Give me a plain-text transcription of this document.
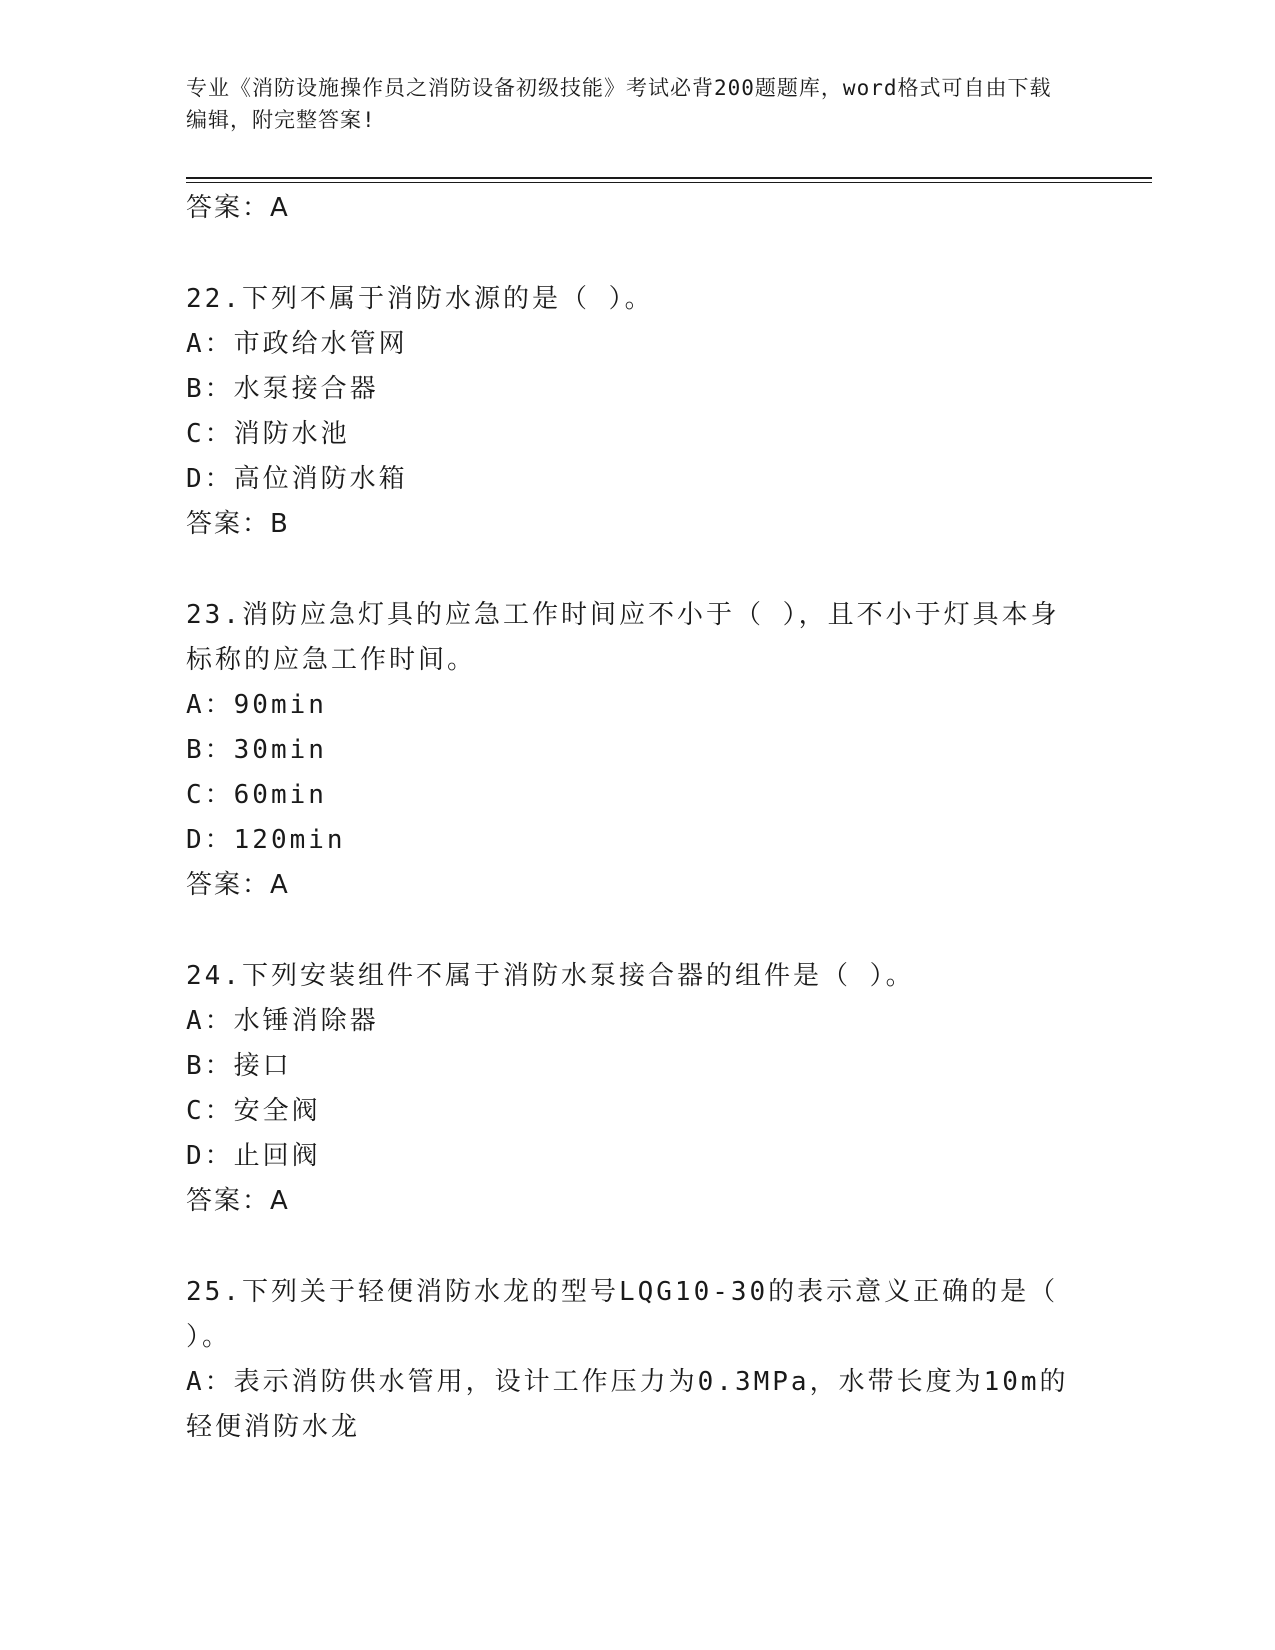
专业《消防设施操作员之消防设备初级技能》考试必背200题题库，word格式可自由下载编辑，附完整答案!

答案：A

22.下列不属于消防水源的是（ ）。

A：市政给水管网

B：水泵接合器

C：消防水池

D：高位消防水箱

答案：B

23.消防应急灯具的应急工作时间应不小于（ ），且不小于灯具本身标称的应急工作时间。

A：90min

B：30min

C：60min

D：120min

答案：A

24.下列安装组件不属于消防水泵接合器的组件是（ ）。

A：水锤消除器

B：接口

C：安全阀

D：止回阀

答案：A

25.下列关于轻便消防水龙的型号LQG10-30的表示意义正确的是（ ）。

A：表示消防供水管用，设计工作压力为0.3MPa，水带长度为10m的轻便消防水龙
